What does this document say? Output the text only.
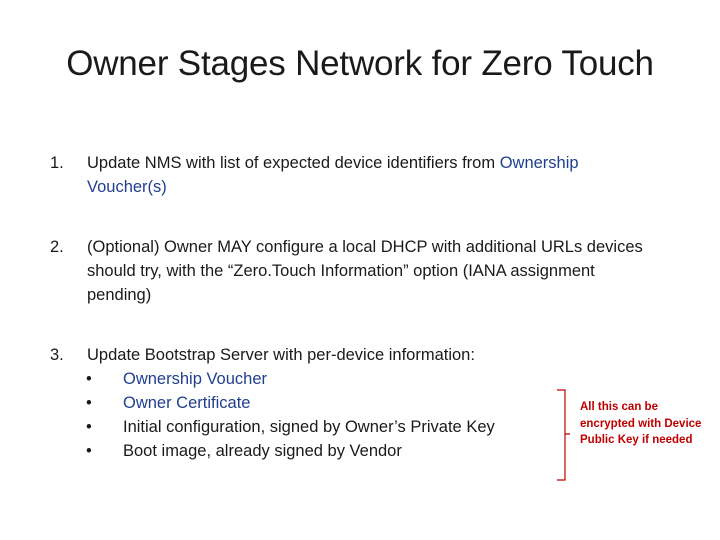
Owner Stages Network for Zero Touch
1. Update NMS with list of expected device identifiers from Ownership Voucher(s)
2. (Optional) Owner MAY configure a local DHCP with additional URLs devices should try, with the “Zero.Touch Information” option (IANA assignment pending)
3. Update Bootstrap Server with per-device information:
• Ownership Voucher
• Owner Certificate
• Initial configuration, signed by Owner’s Private Key
• Boot image, already signed by Vendor
All this can be encrypted with Device Public Key if needed
